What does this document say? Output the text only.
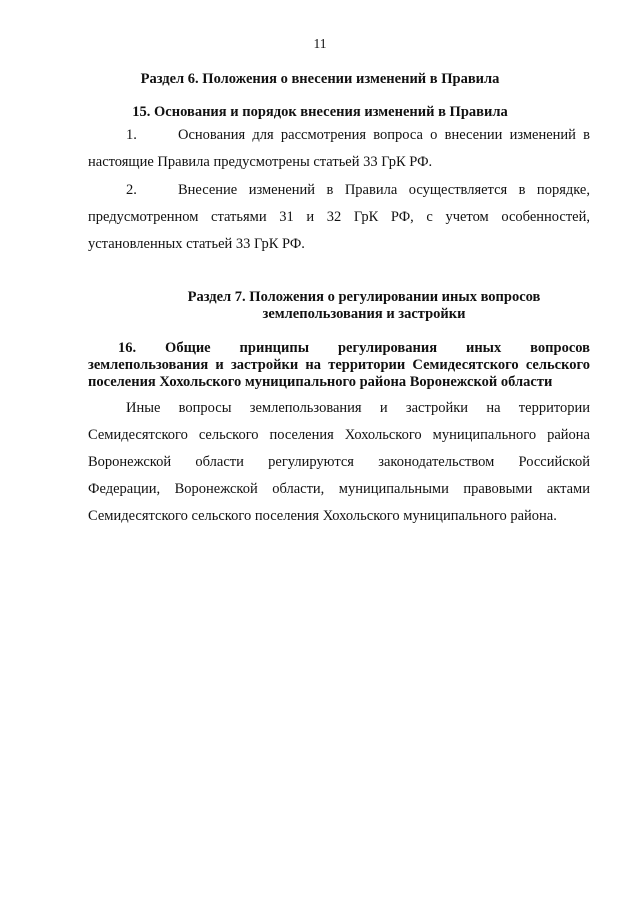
11
Раздел 6. Положения о внесении изменений в Правила
15. Основания и порядок внесения изменений в Правила
1.	Основания для рассмотрения вопроса о внесении изменений в
настоящие Правила предусмотрены статьей 33 ГрК РФ.
2.	Внесение изменений в Правила осуществляется в порядке,
предусмотренном статьями 31 и 32 ГрК РФ, с учетом особенностей,
установленных статьей 33 ГрК РФ.
Раздел 7. Положения о регулировании иных вопросов
землепользования и застройки
16. Общие принципы регулирования иных вопросов
землепользования и застройки на территории Семидесятского сельского
поселения Хохольского муниципального района Воронежской области
Иные вопросы землепользования и застройки на территории
Семидесятского сельского поселения Хохольского муниципального района
Воронежской области регулируются законодательством Российской
Федерации, Воронежской области, муниципальными правовыми актами
Семидесятского сельского поселения Хохольского муниципального района.
